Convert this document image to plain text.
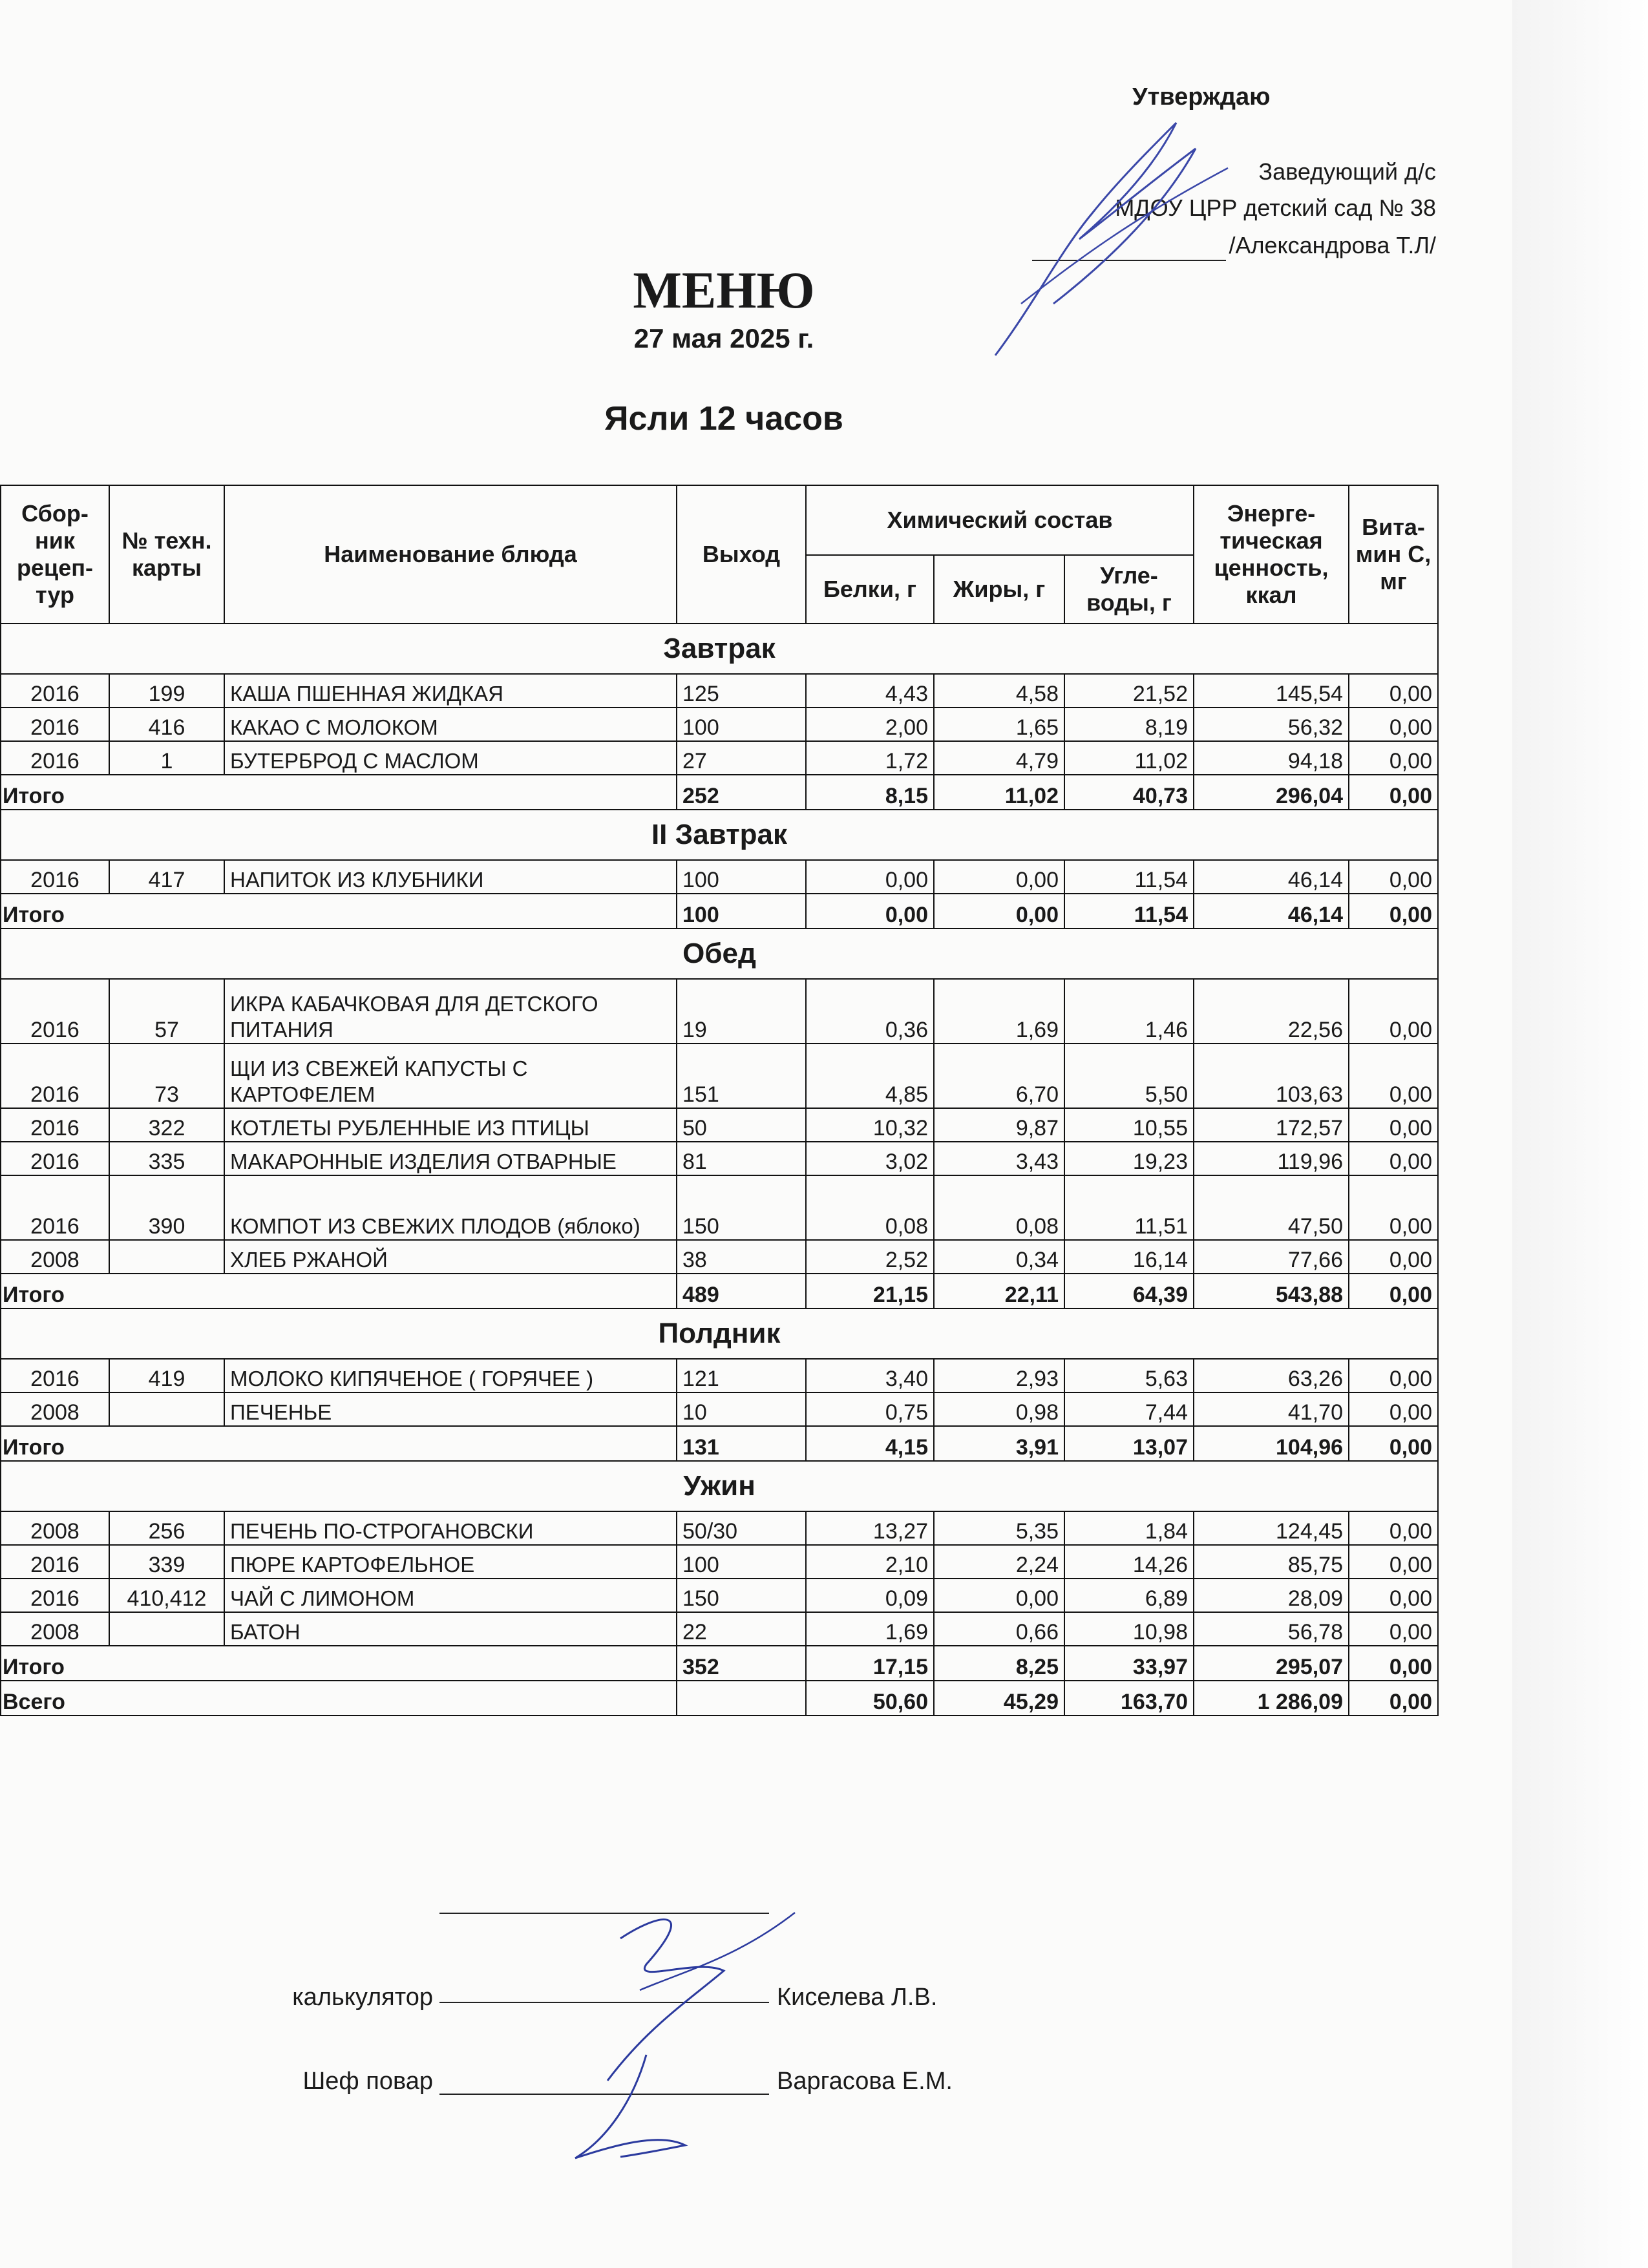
Утверждаю
Заведующий д/с
МДОУ ЦРР детский сад № 38
/Александрова Т.Л/
МЕНЮ
27 мая 2025 г.
Ясли 12 часов
Сбор-ник рецеп-тур	№ техн. карты	Наименование блюда	Выход	Химический состав			Энерге-тическая ценность, ккал	Вита-мин С, мг
				Белки, г	Жиры, г	Угле-воды, г		
Завтрак								
2016	199	КАША ПШЕННАЯ ЖИДКАЯ	125	4,43	4,58	21,52	145,54	0,00
2016	416	КАКАО С МОЛОКОМ	100	2,00	1,65	8,19	56,32	0,00
2016	1	БУТЕРБРОД С МАСЛОМ	27	1,72	4,79	11,02	94,18	0,00
Итого			252	8,15	11,02	40,73	296,04	0,00
II Завтрак								
2016	417	НАПИТОК ИЗ КЛУБНИКИ	100	0,00	0,00	11,54	46,14	0,00
Итого			100	0,00	0,00	11,54	46,14	0,00
Обед								
2016	57	ИКРА КАБАЧКОВАЯ ДЛЯ ДЕТСКОГО ПИТАНИЯ	19	0,36	1,69	1,46	22,56	0,00
2016	73	ЩИ ИЗ СВЕЖЕЙ КАПУСТЫ С КАРТОФЕЛЕМ	151	4,85	6,70	5,50	103,63	0,00
2016	322	КОТЛЕТЫ РУБЛЕННЫЕ ИЗ ПТИЦЫ	50	10,32	9,87	10,55	172,57	0,00
2016	335	МАКАРОННЫЕ ИЗДЕЛИЯ ОТВАРНЫЕ	81	3,02	3,43	19,23	119,96	0,00
2016	390	КОМПОТ ИЗ СВЕЖИХ ПЛОДОВ (яблоко)	150	0,08	0,08	11,51	47,50	0,00
2008		ХЛЕБ РЖАНОЙ	38	2,52	0,34	16,14	77,66	0,00
Итого			489	21,15	22,11	64,39	543,88	0,00
Полдник								
2016	419	МОЛОКО КИПЯЧЕНОЕ ( ГОРЯЧЕЕ )	121	3,40	2,93	5,63	63,26	0,00
2008		ПЕЧЕНЬЕ	10	0,75	0,98	7,44	41,70	0,00
Итого			131	4,15	3,91	13,07	104,96	0,00
Ужин								
2008	256	ПЕЧЕНЬ ПО-СТРОГАНОВСКИ	50/30	13,27	5,35	1,84	124,45	0,00
2016	339	ПЮРЕ КАРТОФЕЛЬНОЕ	100	2,10	2,24	14,26	85,75	0,00
2016	410,412	ЧАЙ С ЛИМОНОМ	150	0,09	0,00	6,89	28,09	0,00
2008		БАТОН	22	1,69	0,66	10,98	56,78	0,00
Итого			352	17,15	8,25	33,97	295,07	0,00
Всего				50,60	45,29	163,70	1 286,09	0,00
калькулятор	Киселева Л.В.
Шеф повар	Варгасова Е.М.
